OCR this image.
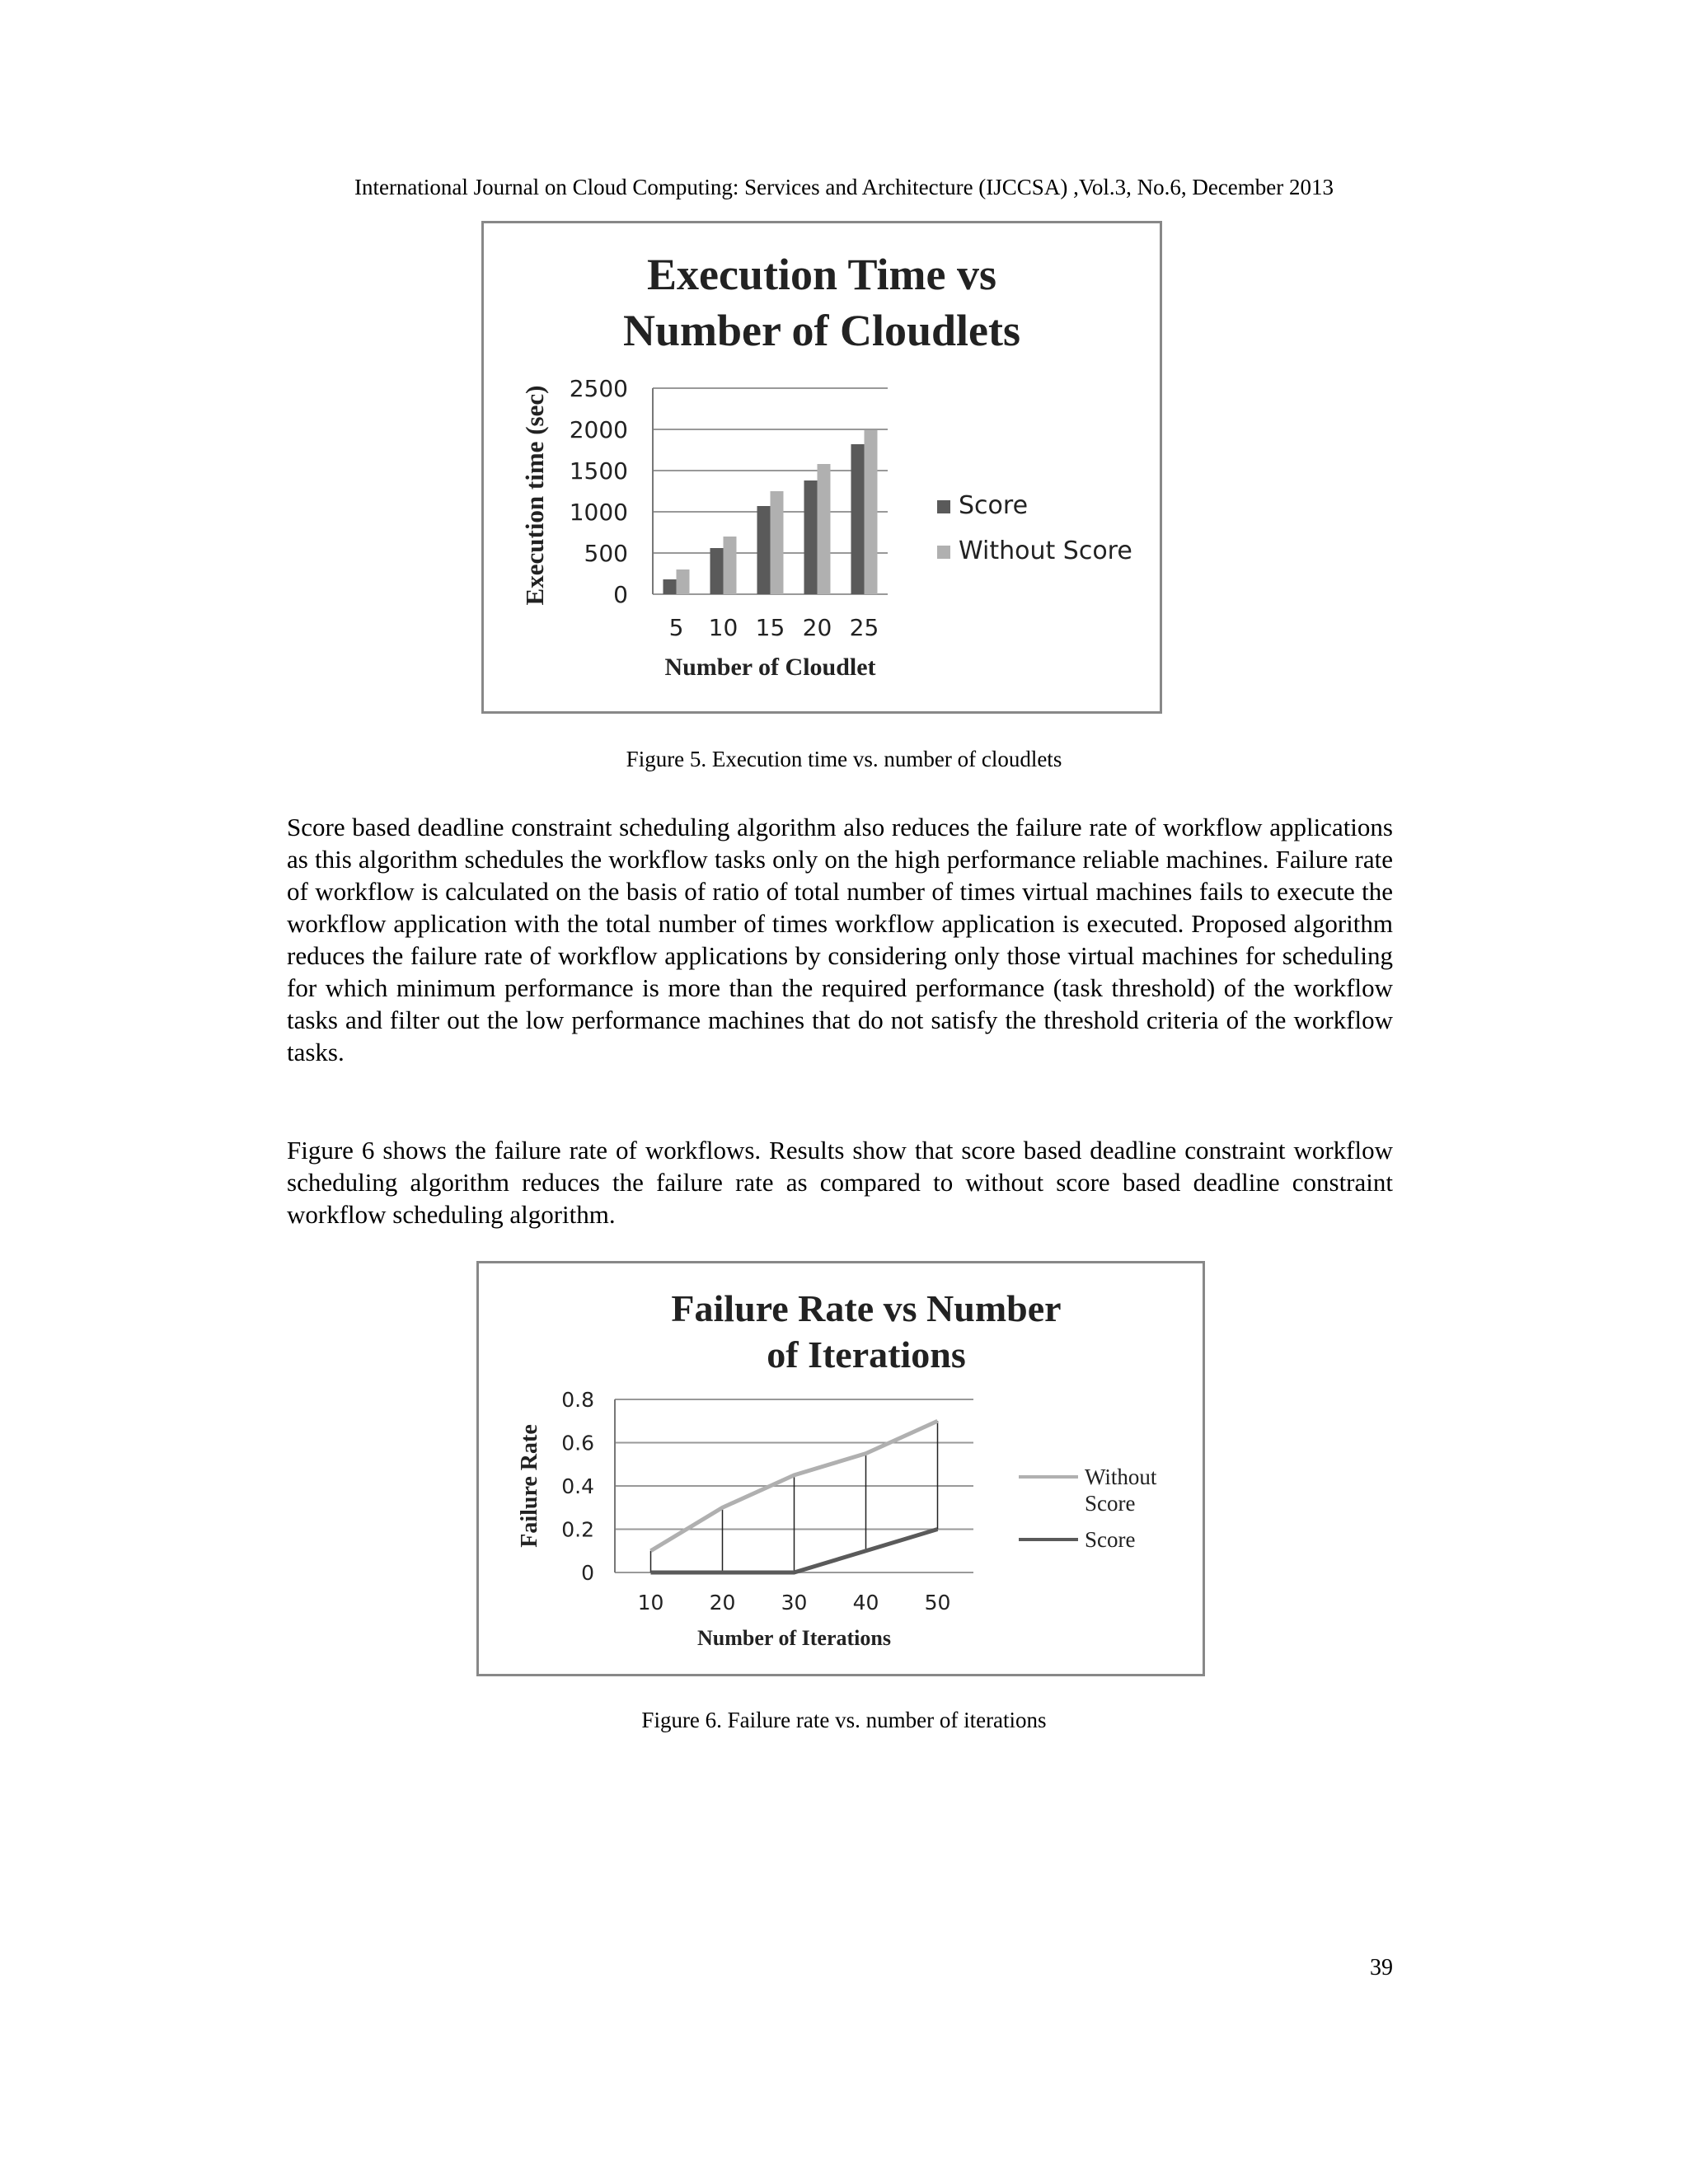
International Journal on Cloud Computing: Services and Architecture (IJCCSA) ,Vol.3, No.6, December 2013
Execution Time vs
Number of Cloudlets
0
500
1000
1500
2000
2500
5 10 15 20 25
Number of Cloudlet
Execution time (sec)	Score
Without Score
Figure 5. Execution time vs. number of cloudlets

Score based deadline constraint scheduling algorithm also reduces the failure rate of workflow applications as this algorithm schedules the workflow tasks only on the high performance reliable machines. Failure rate of workflow is calculated on the basis of ratio of total number of times virtual machines fails to execute the workflow application with the total number of times workflow application is executed. Proposed algorithm reduces the failure rate of workflow applications by considering only those virtual machines for scheduling for which minimum performance is more than the required performance (task threshold) of the workflow tasks and filter out the low performance machines that do not satisfy the threshold criteria of the workflow tasks.

Figure 6 shows the failure rate of workflows. Results show that score based deadline constraint workflow scheduling algorithm reduces the failure rate as compared to without score based deadline constraint workflow scheduling algorithm.

Failure Rate vs Number
of Iterations
0
0.2
0.4
0.6
0.8
10 20 30 40 50
Number of Iterations
Failure Rate	Without
Score
Score
Figure 6. Failure rate vs. number of iterations
39
